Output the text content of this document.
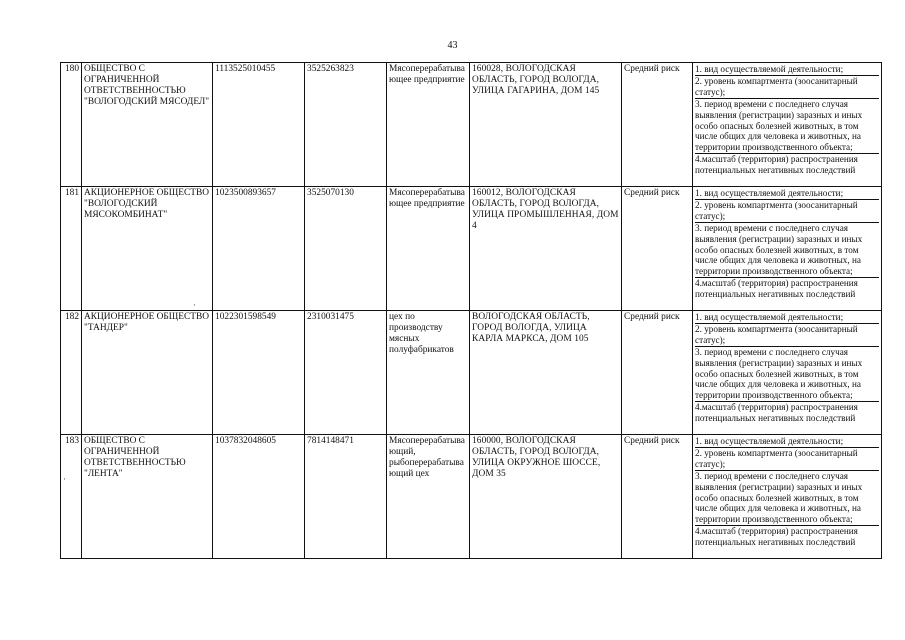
43
180	ОБЩЕСТВО С ОГРАНИЧЕННОЙ ОТВЕТСТВЕННОСТЬЮ "ВОЛОГОДСКИЙ МЯСОДЕЛ"	1113525010455	3525263823	Мясоперерабатывающее предприятие	160028, ВОЛОГОДСКАЯ ОБЛАСТЬ, ГОРОД ВОЛОГДА, УЛИЦА ГАГАРИНА, ДОМ 145	Средний риск	1. вид осуществляемой деятельности;
2. уровень компартмента (зоосанитарный статус);
3. период времени с последнего случая выявления (регистрации) заразных и иных особо опасных болезней животных, в том числе общих для человека и животных, на территории производственного объекта;
4.масштаб (территория) распространения потенциальных негативных последствий

181	АКЦИОНЕРНОЕ ОБЩЕСТВО "ВОЛОГОДСКИЙ МЯСОКОМБИНАТ"	1023500893657	3525070130	Мясоперерабатывающее предприятие	160012, ВОЛОГОДСКАЯ ОБЛАСТЬ, ГОРОД ВОЛОГДА, УЛИЦА ПРОМЫШЛЕННАЯ, ДОМ 4	Средний риск	1. вид осуществляемой деятельности;
2. уровень компартмента (зоосанитарный статус);
3. период времени с последнего случая выявления (регистрации) заразных и иных особо опасных болезней животных, в том числе общих для человека и животных, на территории производственного объекта;
4.масштаб (территория) распространения потенциальных негативных последствий

182	АКЦИОНЕРНОЕ ОБЩЕСТВО "ТАНДЕР"	1022301598549	2310031475	цех по производству мясных полуфабрикатов	ВОЛОГОДСКАЯ ОБЛАСТЬ, ГОРОД ВОЛОГДА, УЛИЦА КАРЛА МАРКСА, ДОМ 105	Средний риск	1. вид осуществляемой деятельности;
2. уровень компартмента (зоосанитарный статус);
3. период времени с последнего случая выявления (регистрации) заразных и иных особо опасных болезней животных, в том числе общих для человека и животных, на территории производственного объекта;
4.масштаб (территория) распространения потенциальных негативных последствий

183	ОБЩЕСТВО С ОГРАНИЧЕННОЙ ОТВЕТСТВЕННОСТЬЮ "ЛЕНТА"	1037832048605	7814148471	Мясоперерабатывающий, рыбоперерабатывающий цех	160000, ВОЛОГОДСКАЯ ОБЛАСТЬ, ГОРОД ВОЛОГДА, УЛИЦА ОКРУЖНОЕ ШОССЕ, ДОМ 35	Средний риск	1. вид осуществляемой деятельности;
2. уровень компартмента (зоосанитарный статус);
3. период времени с последнего случая выявления (регистрации) заразных и иных особо опасных болезней животных, в том числе общих для человека и животных, на территории производственного объекта;
4.масштаб (территория) распространения потенциальных негативных последствий
·
·
